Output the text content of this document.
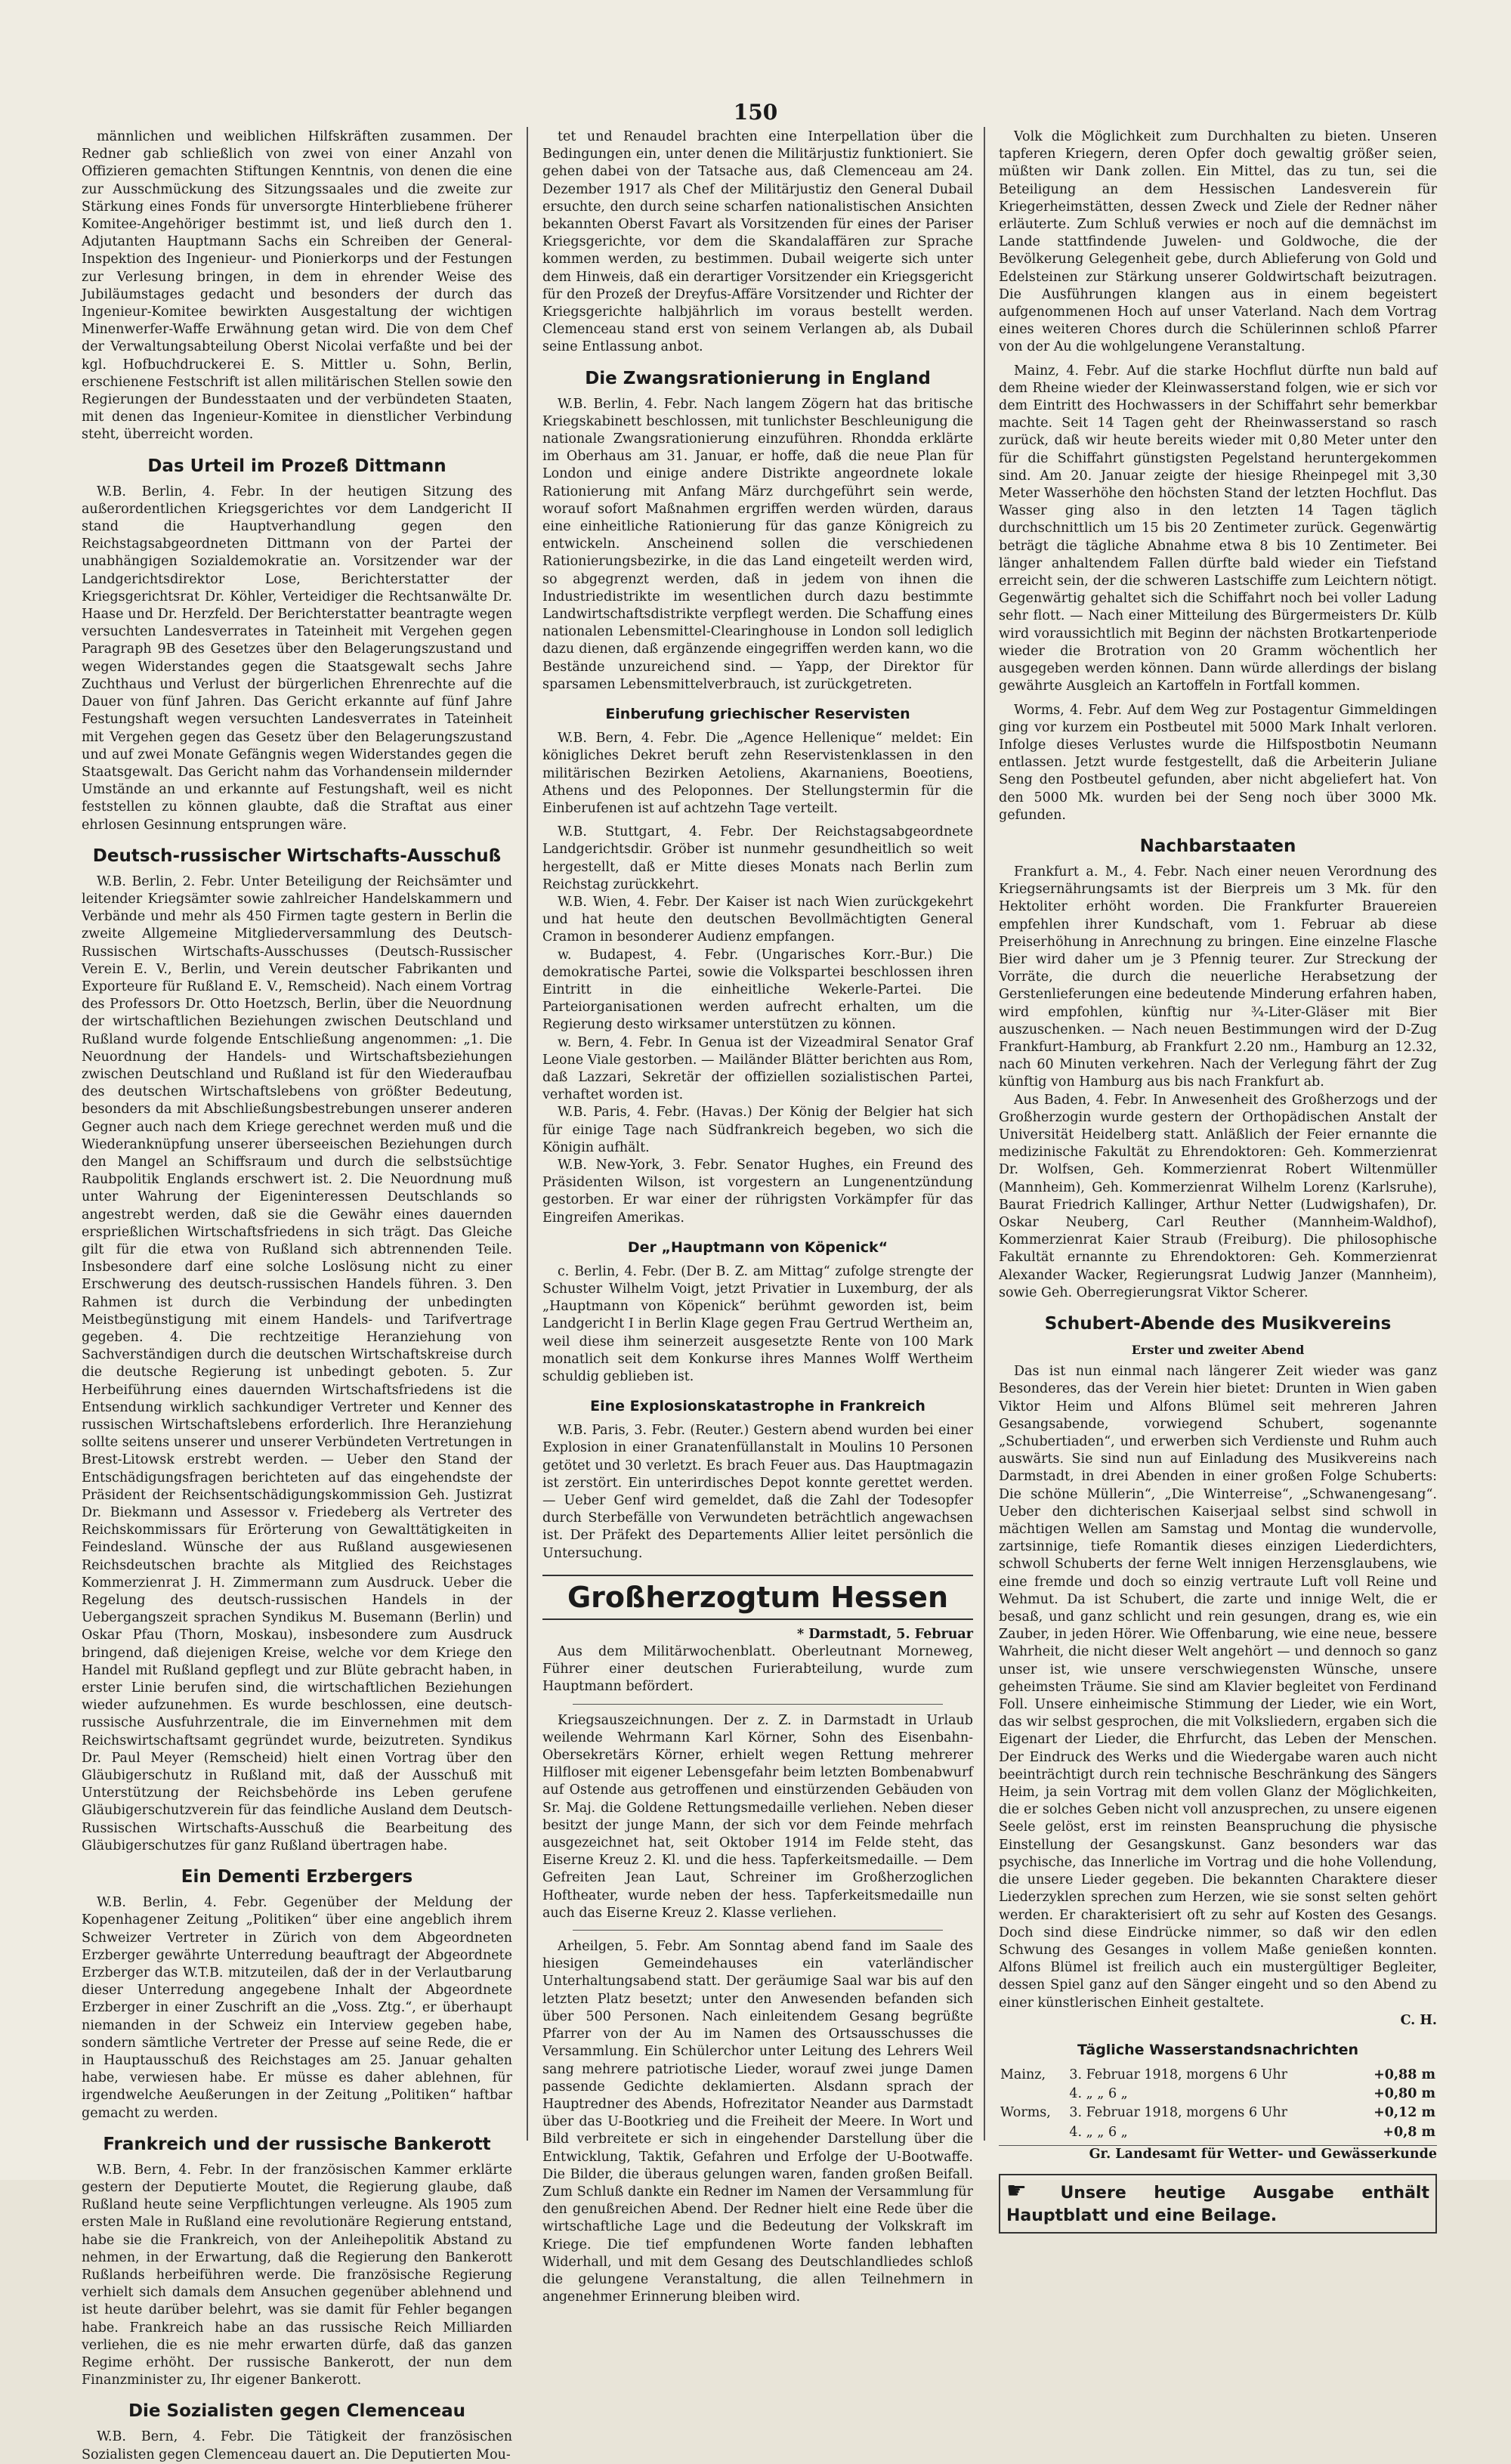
150

männlichen und weiblichen Hilfskräften zusammen. Der Redner gab schließlich von zwei von einer Anzahl von Offizieren gemachten Stiftungen Kenntnis, von denen die eine zur Ausschmückung des Sitzungssaales und die zweite zur Stärkung eines Fonds für unversorgte Hinterbliebene früherer Komitee-Angehöriger bestimmt ist, und ließ durch den 1. Adjutanten Hauptmann Sachs ein Schreiben der General-Inspektion des Ingenieur- und Pionierkorps und der Festungen zur Verlesung bringen, in dem in ehrender Weise des Jubiläumstages gedacht und besonders der durch das Ingenieur-Komitee bewirkten Ausgestaltung der wichtigen Minenwerfer-Waffe Erwähnung getan wird. Die von dem Chef der Verwaltungsabteilung Oberst Nicolai verfaßte und bei der kgl. Hofbuchdruckerei E. S. Mittler u. Sohn, Berlin, erschienene Festschrift ist allen militärischen Stellen sowie den Regierungen der Bundesstaaten und der verbündeten Staaten, mit denen das Ingenieur-Komitee in dienstlicher Verbindung steht, überreicht worden.

Das Urteil im Prozeß Dittmann

W.B. Berlin, 4. Febr. In der heutigen Sitzung des außerordentlichen Kriegsgerichtes vor dem Landgericht II stand die Hauptverhandlung gegen den Reichstagsabgeordneten Dittmann von der Partei der unabhängigen Sozialdemokratie an. Vorsitzender war der Landgerichtsdirektor Lose, Berichterstatter der Kriegsgerichtsrat Dr. Köhler, Verteidiger die Rechtsanwälte Dr. Haase und Dr. Herzfeld. Der Berichterstatter beantragte wegen versuchten Landesverrates in Tateinheit mit Vergehen gegen Paragraph 9B des Gesetzes über den Belagerungszustand und wegen Widerstandes gegen die Staatsgewalt sechs Jahre Zuchthaus und Verlust der bürgerlichen Ehrenrechte auf die Dauer von fünf Jahren. Das Gericht erkannte auf fünf Jahre Festungshaft wegen versuchten Landesverrates in Tateinheit mit Vergehen gegen das Gesetz über den Belagerungszustand und auf zwei Monate Gefängnis wegen Widerstandes gegen die Staatsgewalt. Das Gericht nahm das Vorhandensein mildernder Umstände an und erkannte auf Festungshaft, weil es nicht feststellen zu können glaubte, daß die Straftat aus einer ehrlosen Gesinnung entsprungen wäre.

Deutsch-russischer Wirtschafts-Ausschuß

W.B. Berlin, 2. Febr. Unter Beteiligung der Reichsämter und leitender Kriegsämter sowie zahlreicher Handelskammern und Verbände und mehr als 450 Firmen tagte gestern in Berlin die zweite Allgemeine Mitgliederversammlung des Deutsch-Russischen Wirtschafts-Ausschusses (Deutsch-Russischer Verein E. V., Berlin, und Verein deutscher Fabrikanten und Exporteure für Rußland E. V., Remscheid). Nach einem Vortrag des Professors Dr. Otto Hoetzsch, Berlin, über die Neuordnung der wirtschaftlichen Beziehungen zwischen Deutschland und Rußland wurde folgende Entschließung angenommen: „1. Die Neuordnung der Handels- und Wirtschaftsbeziehungen zwischen Deutschland und Rußland ist für den Wiederaufbau des deutschen Wirtschaftslebens von größter Bedeutung, besonders da mit Abschließungsbestrebungen unserer anderen Gegner auch nach dem Kriege gerechnet werden muß und die Wiederanknüpfung unserer überseeischen Beziehungen durch den Mangel an Schiffsraum und durch die selbstsüchtige Raubpolitik Englands erschwert ist. 2. Die Neuordnung muß unter Wahrung der Eigeninteressen Deutschlands so angestrebt werden, daß sie die Gewähr eines dauernden ersprießlichen Wirtschaftsfriedens in sich trägt. Das Gleiche gilt für die etwa von Rußland sich abtrennenden Teile. Insbesondere darf eine solche Loslösung nicht zu einer Erschwerung des deutsch-russischen Handels führen. 3. Den Rahmen ist durch die Verbindung der unbedingten Meistbegünstigung mit einem Handels- und Tarifvertrage gegeben. 4. Die rechtzeitige Heranziehung von Sachverständigen durch die deutschen Wirtschaftskreise durch die deutsche Regierung ist unbedingt geboten. 5. Zur Herbeiführung eines dauernden Wirtschaftsfriedens ist die Entsendung wirklich sachkundiger Vertreter und Kenner des russischen Wirtschaftslebens erforderlich. Ihre Heranziehung sollte seitens unserer und unserer Verbündeten Vertretungen in Brest-Litowsk erstrebt werden. — Ueber den Stand der Entschädigungsfragen berichteten auf das eingehendste der Präsident der Reichsentschädigungskommission Geh. Justizrat Dr. Biekmann und Assessor v. Friedeberg als Vertreter des Reichskommissars für Erörterung von Gewalttätigkeiten in Feindesland. Wünsche der aus Rußland ausgewiesenen Reichsdeutschen brachte als Mitglied des Reichstages Kommerzienrat J. H. Zimmermann zum Ausdruck. Ueber die Regelung des deutsch-russischen Handels in der Uebergangszeit sprachen Syndikus M. Busemann (Berlin) und Oskar Pfau (Thorn, Moskau), insbesondere zum Ausdruck bringend, daß diejenigen Kreise, welche vor dem Kriege den Handel mit Rußland gepflegt und zur Blüte gebracht haben, in erster Linie berufen sind, die wirtschaftlichen Beziehungen wieder aufzunehmen. Es wurde beschlossen, eine deutsch-russische Ausfuhrzentrale, die im Einvernehmen mit dem Reichswirtschaftsamt gegründet wurde, beizutreten. Syndikus Dr. Paul Meyer (Remscheid) hielt einen Vortrag über den Gläubigerschutz in Rußland mit, daß der Ausschuß mit Unterstützung der Reichsbehörde ins Leben gerufene Gläubigerschutzverein für das feindliche Ausland dem Deutsch-Russischen Wirtschafts-Ausschuß die Bearbeitung des Gläubigerschutzes für ganz Rußland übertragen habe.

Ein Dementi Erzbergers

W.B. Berlin, 4. Febr. Gegenüber der Meldung der Kopenhagener Zeitung „Politiken“ über eine angeblich ihrem Schweizer Vertreter in Zürich von dem Abgeordneten Erzberger gewährte Unterredung beauftragt der Abgeordnete Erzberger das W.T.B. mitzuteilen, daß der in der Verlautbarung dieser Unterredung angegebene Inhalt der Abgeordnete Erzberger in einer Zuschrift an die „Voss. Ztg.“, er überhaupt niemanden in der Schweiz ein Interview gegeben habe, sondern sämtliche Vertreter der Presse auf seine Rede, die er in Hauptausschuß des Reichstages am 25. Januar gehalten habe, verwiesen habe. Er müsse es daher ablehnen, für irgendwelche Aeußerungen in der Zeitung „Politiken“ haftbar gemacht zu werden.

Frankreich und der russische Bankerott

W.B. Bern, 4. Febr. In der französischen Kammer erklärte gestern der Deputierte Moutet, die Regierung glaube, daß Rußland heute seine Verpflichtungen verleugne. Als 1905 zum ersten Male in Rußland eine revolutionäre Regierung entstand, habe sie die Frankreich, von der Anleihepolitik Abstand zu nehmen, in der Erwartung, daß die Regierung den Bankerott Rußlands herbeiführen werde. Die französische Regierung verhielt sich damals dem Ansuchen gegenüber ablehnend und ist heute darüber belehrt, was sie damit für Fehler begangen habe. Frankreich habe an das russische Reich Milliarden verliehen, die es nie mehr erwarten dürfe, daß das ganzen Regime erhöht. Der russische Bankerott, der nun dem Finanzminister zu, Ihr eigener Bankerott.

Die Sozialisten gegen Clemenceau

W.B. Bern, 4. Febr. Die Tätigkeit der französischen Sozialisten gegen Clemenceau dauert an. Die Deputierten Mou-

tet und Renaudel brachten eine Interpellation über die Bedingungen ein, unter denen die Militärjustiz funktioniert. Sie gehen dabei von der Tatsache aus, daß Clemenceau am 24. Dezember 1917 als Chef der Militärjustiz den General Dubail ersuchte, den durch seine scharfen nationalistischen Ansichten bekannten Oberst Favart als Vorsitzenden für eines der Pariser Kriegsgerichte, vor dem die Skandalaffären zur Sprache kommen werden, zu bestimmen. Dubail weigerte sich unter dem Hinweis, daß ein derartiger Vorsitzender ein Kriegsgericht für den Prozeß der Dreyfus-Affäre Vorsitzender und Richter der Kriegsgerichte halbjährlich im voraus bestellt werden. Clemenceau stand erst von seinem Verlangen ab, als Dubail seine Entlassung anbot.

Die Zwangsrationierung in England

W.B. Berlin, 4. Febr. Nach langem Zögern hat das britische Kriegskabinett beschlossen, mit tunlichster Beschleunigung die nationale Zwangsrationierung einzuführen. Rhondda erklärte im Oberhaus am 31. Januar, er hoffe, daß die neue Plan für London und einige andere Distrikte angeordnete lokale Rationierung mit Anfang März durchgeführt sein werde, worauf sofort Maßnahmen ergriffen werden würden, daraus eine einheitliche Rationierung für das ganze Königreich zu entwickeln. Anscheinend sollen die verschiedenen Rationierungsbezirke, in die das Land eingeteilt werden wird, so abgegrenzt werden, daß in jedem von ihnen die Industriedistrikte im wesentlichen durch dazu bestimmte Landwirtschaftsdistrikte verpflegt werden. Die Schaffung eines nationalen Lebensmittel-Clearinghouse in London soll lediglich dazu dienen, daß ergänzende eingegriffen werden kann, wo die Bestände unzureichend sind. — Yapp, der Direktor für sparsamen Lebensmittelverbrauch, ist zurückgetreten.

Einberufung griechischer Reservisten

W.B. Bern, 4. Febr. Die „Agence Hellenique“ meldet: Ein königliches Dekret beruft zehn Reservistenklassen in den militärischen Bezirken Aetoliens, Akarnaniens, Boeotiens, Athens und des Peloponnes. Der Stellungstermin für die Einberufenen ist auf achtzehn Tage verteilt.

W.B. Stuttgart, 4. Febr. Der Reichstagsabgeordnete Landgerichtsdir. Gröber ist nunmehr gesundheitlich so weit hergestellt, daß er Mitte dieses Monats nach Berlin zum Reichstag zurückkehrt.

W.B. Wien, 4. Febr. Der Kaiser ist nach Wien zurückgekehrt und hat heute den deutschen Bevollmächtigten General Cramon in besonderer Audienz empfangen.

w. Budapest, 4. Febr. (Ungarisches Korr.-Bur.) Die demokratische Partei, sowie die Volkspartei beschlossen ihren Eintritt in die einheitliche Wekerle-Partei. Die Parteiorganisationen werden aufrecht erhalten, um die Regierung desto wirksamer unterstützen zu können.

w. Bern, 4. Febr. In Genua ist der Vizeadmiral Senator Graf Leone Viale gestorben. — Mailänder Blätter berichten aus Rom, daß Lazzari, Sekretär der offiziellen sozialistischen Partei, verhaftet worden ist.

W.B. Paris, 4. Febr. (Havas.) Der König der Belgier hat sich für einige Tage nach Südfrankreich begeben, wo sich die Königin aufhält.

W.B. New-York, 3. Febr. Senator Hughes, ein Freund des Präsidenten Wilson, ist vorgestern an Lungenentzündung gestorben. Er war einer der rührigsten Vorkämpfer für das Eingreifen Amerikas.

Der „Hauptmann von Köpenick“

c. Berlin, 4. Febr. (Der B. Z. am Mittag“ zufolge strengte der Schuster Wilhelm Voigt, jetzt Privatier in Luxemburg, der als „Hauptmann von Köpenick“ berühmt geworden ist, beim Landgericht I in Berlin Klage gegen Frau Gertrud Wertheim an, weil diese ihm seinerzeit ausgesetzte Rente von 100 Mark monatlich seit dem Konkurse ihres Mannes Wolff Wertheim schuldig geblieben ist.

Eine Explosionskatastrophe in Frankreich

W.B. Paris, 3. Febr. (Reuter.) Gestern abend wurden bei einer Explosion in einer Granatenfüllanstalt in Moulins 10 Personen getötet und 30 verletzt. Es brach Feuer aus. Das Hauptmagazin ist zerstört. Ein unterirdisches Depot konnte gerettet werden. — Ueber Genf wird gemeldet, daß die Zahl der Todesopfer durch Sterbefälle von Verwundeten beträchtlich angewachsen ist. Der Präfekt des Departements Allier leitet persönlich die Untersuchung.

Großherzogtum Hessen
* Darmstadt, 5. Februar

Aus dem Militärwochenblatt. Oberleutnant Morneweg, Führer einer deutschen Furierabteilung, wurde zum Hauptmann befördert.

Kriegsauszeichnungen. Der z. Z. in Darmstadt in Urlaub weilende Wehrmann Karl Körner, Sohn des Eisenbahn-Obersekretärs Körner, erhielt wegen Rettung mehrerer Hilfloser mit eigener Lebensgefahr beim letzten Bombenabwurf auf Ostende aus getroffenen und einstürzenden Gebäuden von Sr. Maj. die Goldene Rettungsmedaille verliehen. Neben dieser besitzt der junge Mann, der sich vor dem Feinde mehrfach ausgezeichnet hat, seit Oktober 1914 im Felde steht, das Eiserne Kreuz 2. Kl. und die hess. Tapferkeitsmedaille. — Dem Gefreiten Jean Laut, Schreiner im Großherzoglichen Hoftheater, wurde neben der hess. Tapferkeitsmedaille nun auch das Eiserne Kreuz 2. Klasse verliehen.

Arheilgen, 5. Febr. Am Sonntag abend fand im Saale des hiesigen Gemeindehauses ein vaterländischer Unterhaltungsabend statt. Der geräumige Saal war bis auf den letzten Platz besetzt; unter den Anwesenden befanden sich über 500 Personen. Nach einleitendem Gesang begrüßte Pfarrer von der Au im Namen des Ortsausschusses die Versammlung. Ein Schülerchor unter Leitung des Lehrers Weil sang mehrere patriotische Lieder, worauf zwei junge Damen passende Gedichte deklamierten. Alsdann sprach der Hauptredner des Abends, Hofrezitator Neander aus Darmstadt über das U-Bootkrieg und die Freiheit der Meere. In Wort und Bild verbreitete er sich in eingehender Darstellung über die Entwicklung, Taktik, Gefahren und Erfolge der U-Bootwaffe. Die Bilder, die überaus gelungen waren, fanden großen Beifall. Zum Schluß dankte ein Redner im Namen der Versammlung für den genußreichen Abend. Der Redner hielt eine Rede über die wirtschaftliche Lage und die Bedeutung der Volkskraft im Kriege. Die tief empfundenen Worte fanden lebhaften Widerhall, und mit dem Gesang des Deutschlandliedes schloß die gelungene Veranstaltung, die allen Teilnehmern in angenehmer Erinnerung bleiben wird.

Volk die Möglichkeit zum Durchhalten zu bieten. Unseren tapferen Kriegern, deren Opfer doch gewaltig größer seien, müßten wir Dank zollen. Ein Mittel, das zu tun, sei die Beteiligung an dem Hessischen Landesverein für Kriegerheimstätten, dessen Zweck und Ziele der Redner näher erläuterte. Zum Schluß verwies er noch auf die demnächst im Lande stattfindende Juwelen- und Goldwoche, die der Bevölkerung Gelegenheit gebe, durch Ablieferung von Gold und Edelsteinen zur Stärkung unserer Goldwirtschaft beizutragen. Die Ausführungen klangen aus in einem begeistert aufgenommenen Hoch auf unser Vaterland. Nach dem Vortrag eines weiteren Chores durch die Schülerinnen schloß Pfarrer von der Au die wohlgelungene Veranstaltung.

Mainz, 4. Febr. Auf die starke Hochflut dürfte nun bald auf dem Rheine wieder der Kleinwasserstand folgen, wie er sich vor dem Eintritt des Hochwassers in der Schiffahrt sehr bemerkbar machte. Seit 14 Tagen geht der Rheinwasserstand so rasch zurück, daß wir heute bereits wieder mit 0,80 Meter unter den für die Schiffahrt günstigsten Pegelstand heruntergekommen sind. Am 20. Januar zeigte der hiesige Rheinpegel mit 3,30 Meter Wasserhöhe den höchsten Stand der letzten Hochflut. Das Wasser ging also in den letzten 14 Tagen täglich durchschnittlich um 15 bis 20 Zentimeter zurück. Gegenwärtig beträgt die tägliche Abnahme etwa 8 bis 10 Zentimeter. Bei länger anhaltendem Fallen dürfte bald wieder ein Tiefstand erreicht sein, der die schweren Lastschiffe zum Leichtern nötigt. Gegenwärtig gehaltet sich die Schiffahrt noch bei voller Ladung sehr flott. — Nach einer Mitteilung des Bürgermeisters Dr. Külb wird voraussichtlich mit Beginn der nächsten Brotkartenperiode wieder die Brotration von 20 Gramm wöchentlich her ausgegeben werden können. Dann würde allerdings der bislang gewährte Ausgleich an Kartoffeln in Fortfall kommen.

Worms, 4. Febr. Auf dem Weg zur Postagentur Gimmeldingen ging vor kurzem ein Postbeutel mit 5000 Mark Inhalt verloren. Infolge dieses Verlustes wurde die Hilfspostbotin Neumann entlassen. Jetzt wurde festgestellt, daß die Arbeiterin Juliane Seng den Postbeutel gefunden, aber nicht abgeliefert hat. Von den 5000 Mk. wurden bei der Seng noch über 3000 Mk. gefunden.

Nachbarstaaten

Frankfurt a. M., 4. Febr. Nach einer neuen Verordnung des Kriegsernährungsamts ist der Bierpreis um 3 Mk. für den Hektoliter erhöht worden. Die Frankfurter Brauereien empfehlen ihrer Kundschaft, vom 1. Februar ab diese Preiserhöhung in Anrechnung zu bringen. Eine einzelne Flasche Bier wird daher um je 3 Pfennig teurer. Zur Streckung der Vorräte, die durch die neuerliche Herabsetzung der Gerstenlieferungen eine bedeutende Minderung erfahren haben, wird empfohlen, künftig nur ¾-Liter-Gläser mit Bier auszuschenken. — Nach neuen Bestimmungen wird der D-Zug Frankfurt-Hamburg, ab Frankfurt 2.20 nm., Hamburg an 12.32, nach 60 Minuten verkehren. Nach der Verlegung fährt der Zug künftig von Hamburg aus bis nach Frankfurt ab.

Aus Baden, 4. Febr. In Anwesenheit des Großherzogs und der Großherzogin wurde gestern der Orthopädischen Anstalt der Universität Heidelberg statt. Anläßlich der Feier ernannte die medizinische Fakultät zu Ehrendoktoren: Geh. Kommerzienrat Dr. Wolfsen, Geh. Kommerzienrat Robert Wiltenmüller (Mannheim), Geh. Kommerzienrat Wilhelm Lorenz (Karlsruhe), Baurat Friedrich Kallinger, Arthur Netter (Ludwigshafen), Dr. Oskar Neuberg, Carl Reuther (Mannheim-Waldhof), Kommerzienrat Kaier Straub (Freiburg). Die philosophische Fakultät ernannte zu Ehrendoktoren: Geh. Kommerzienrat Alexander Wacker, Regierungsrat Ludwig Janzer (Mannheim), sowie Geh. Oberregierungsrat Viktor Scherer.

Schubert-Abende des Musikvereins
Erster und zweiter Abend

Das ist nun einmal nach längerer Zeit wieder was ganz Besonderes, das der Verein hier bietet: Drunten in Wien gaben Viktor Heim und Alfons Blümel seit mehreren Jahren Gesangsabende, vorwiegend Schubert, sogenannte „Schubertiaden“, und erwerben sich Verdienste und Ruhm auch auswärts. Sie sind nun auf Einladung des Musikvereins nach Darmstadt, in drei Abenden in einer großen Folge Schuberts: Die schöne Müllerin“, „Die Winterreise“, „Schwanengesang“. Ueber den dichterischen Kaiserjaal selbst sind schwoll in mächtigen Wellen am Samstag und Montag die wundervolle, zartsinnige, tiefe Romantik dieses einzigen Liederdichters, schwoll Schuberts der ferne Welt innigen Herzensglaubens, wie eine fremde und doch so einzig vertraute Luft voll Reine und Wehmut. Da ist Schubert, die zarte und innige Welt, die er besaß, und ganz schlicht und rein gesungen, drang es, wie ein Zauber, in jeden Hörer. Wie Offenbarung, wie eine neue, bessere Wahrheit, die nicht dieser Welt angehört — und dennoch so ganz unser ist, wie unsere verschwiegensten Wünsche, unsere geheimsten Träume. Sie sind am Klavier begleitet von Ferdinand Foll. Unsere einheimische Stimmung der Lieder, wie ein Wort, das wir selbst gesprochen, die mit Volksliedern, ergaben sich die Eigenart der Lieder, die Ehrfurcht, das Leben der Menschen. Der Eindruck des Werks und die Wiedergabe waren auch nicht beeinträchtigt durch rein technische Beschränkung des Sängers Heim, ja sein Vortrag mit dem vollen Glanz der Möglichkeiten, die er solches Geben nicht voll anzusprechen, zu unsere eigenen Seele gelöst, erst im reinsten Beanspruchung die physische Einstellung der Gesangskunst. Ganz besonders war das psychische, das Innerliche im Vortrag und die hohe Vollendung, die unsere Lieder gegeben. Die bekannten Charaktere dieser Liederzyklen sprechen zum Herzen, wie sie sonst selten gehört werden. Er charakterisiert oft zu sehr auf Kosten des Gesangs. Doch sind diese Eindrücke nimmer, so daß wir den edlen Schwung des Gesanges in vollem Maße genießen konnten. Alfons Blümel ist freilich auch ein mustergültiger Begleiter, dessen Spiel ganz auf den Sänger eingeht und so den Abend zu einer künstlerischen Einheit gestaltete.

C. H.
Tägliche Wasserstandsnachrichten
Mainz,	3. Februar 1918, morgens 6 Uhr	+0,88 m
	4. „ „ 6 „	+0,80 m
Worms,	3. Februar 1918, morgens 6 Uhr	+0,12 m
	4. „ „ 6 „	+0,8 m
Gr. Landesamt für Wetter- und Gewässerkunde
☛ Unsere heutige Ausgabe enthält Hauptblatt und eine Beilage.
